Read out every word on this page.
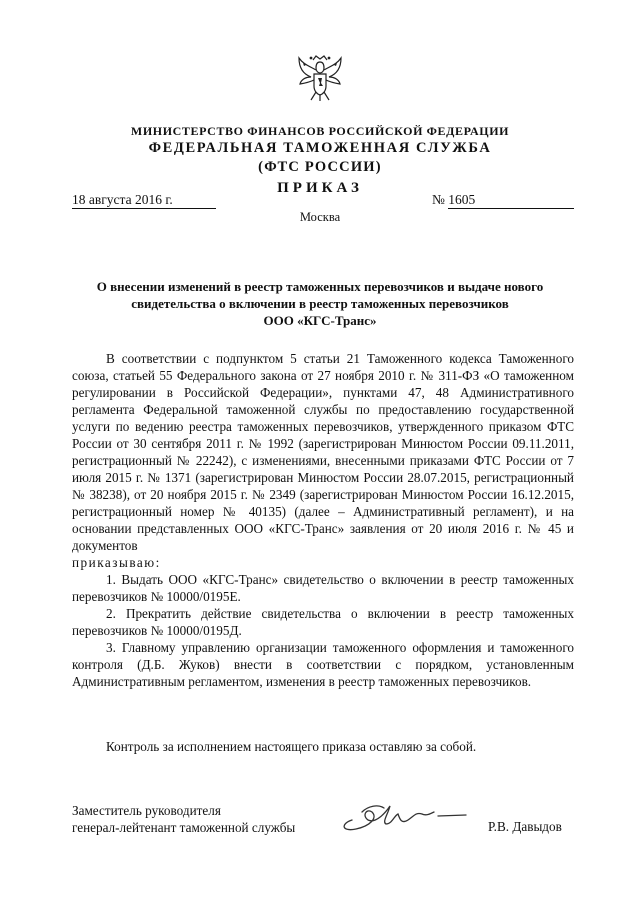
МИНИСТЕРСТВО ФИНАНСОВ РОССИЙСКОЙ ФЕДЕРАЦИИ
ФЕДЕРАЛЬНАЯ ТАМОЖЕННАЯ СЛУЖБА
(ФТС РОССИИ)
ПРИКАЗ
18 августа 2016 г.	№ 1605
Москва
О внесении изменений в реестр таможенных перевозчиков и выдаче нового
свидетельства о включении в реестр таможенных перевозчиков
ООО «КГС-Транс»

В соответствии с подпунктом 5 статьи 21 Таможенного кодекса Таможенного союза, статьей 55 Федерального закона от 27 ноября 2010 г. № 311-ФЗ «О таможенном регулировании в Российской Федерации», пунктами 47, 48 Административного регламента Федеральной таможенной службы по предоставлению государственной услуги по ведению реестра таможенных перевозчиков, утвержденного приказом ФТС России от 30 сентября 2011 г. № 1992 (зарегистрирован Минюстом России 09.11.2011, регистрационный № 22242), с изменениями, внесенными приказами ФТС России от 7 июля 2015 г. № 1371 (зарегистрирован Минюстом России 28.07.2015, регистрационный № 38238), от 20 ноября 2015 г. № 2349 (зарегистрирован Минюстом России 16.12.2015, регистрационный номер № 40135) (далее – Административный регламент), и на основании представленных ООО «КГС-Транс» заявления от 20 июля 2016 г. № 45 и документов

приказываю:

1. Выдать ООО «КГС-Транс» свидетельство о включении в реестр таможенных перевозчиков № 10000/0195Е.

2. Прекратить действие свидетельства о включении в реестр таможенных перевозчиков № 10000/0195Д.

3. Главному управлению организации таможенного оформления и таможенного контроля (Д.Б. Жуков) внести в соответствии с порядком, установленным Административным регламентом, изменения в реестр таможенных перевозчиков.

Контроль за исполнением настоящего приказа оставляю за собой.
Заместитель руководителя
генерал-лейтенант таможенной службы	Р.В. Давыдов
